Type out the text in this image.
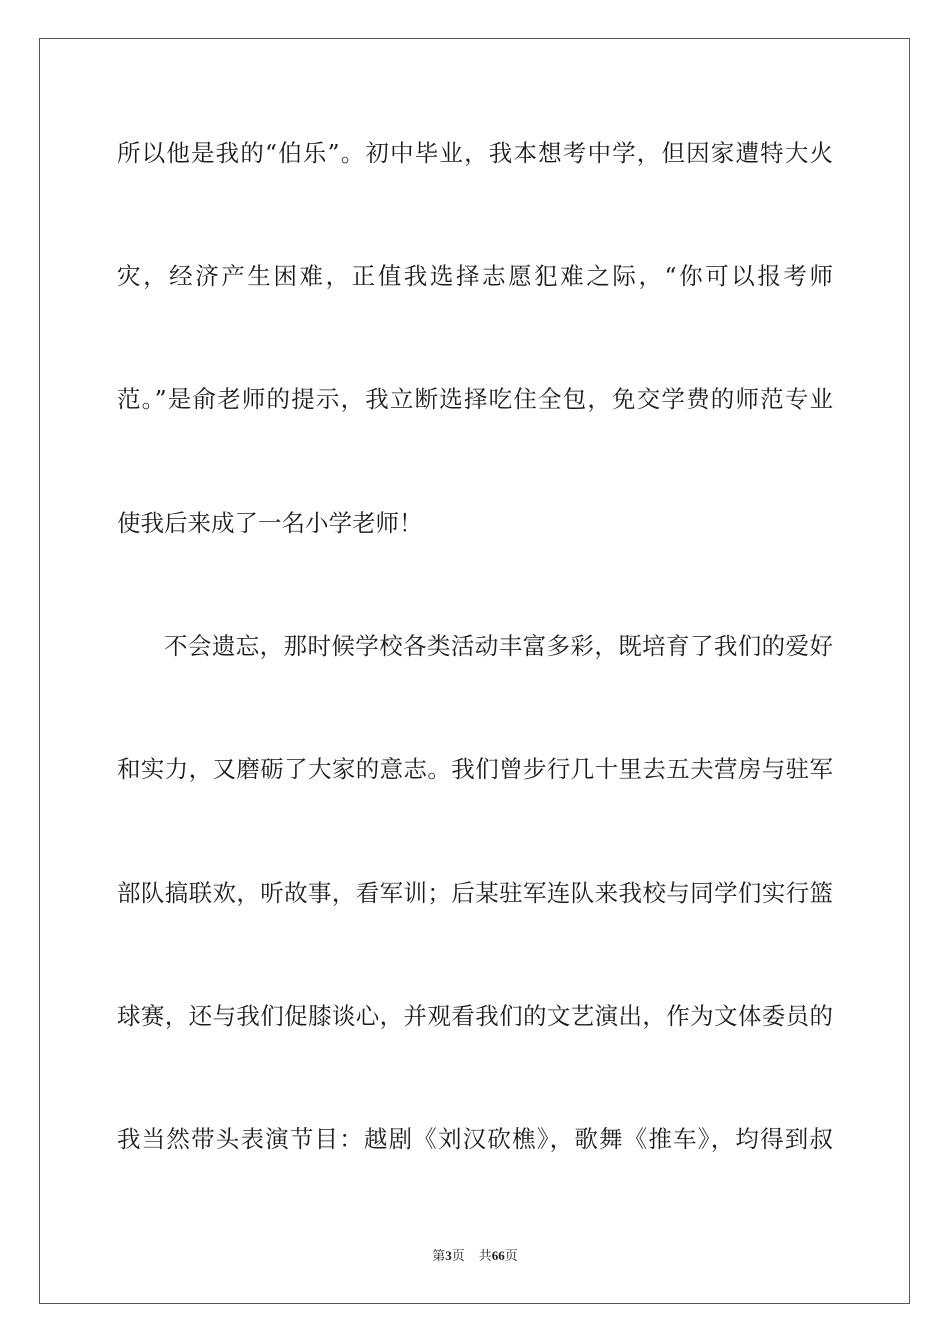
所以他是我的“伯乐”。初中毕业，我本想考中学，但因家遭特大火
灾，经济产生困难，正值我选择志愿犯难之际，“你可以报考师
范。”是俞老师的提示，我立断选择吃住全包，免交学费的师范专业
使我后来成了一名小学老师！
不会遗忘，那时候学校各类活动丰富多彩，既培育了我们的爱好
和实力，又磨砺了大家的意志。我们曾步行几十里去五夫营房与驻军
部队搞联欢，听故事，看军训；后某驻军连队来我校与同学们实行篮
球赛，还与我们促膝谈心，并观看我们的文艺演出，作为文体委员的
我当然带头表演节目：越剧《刘汉砍樵》，歌舞《推车》，均得到叔
第3页 共66页
